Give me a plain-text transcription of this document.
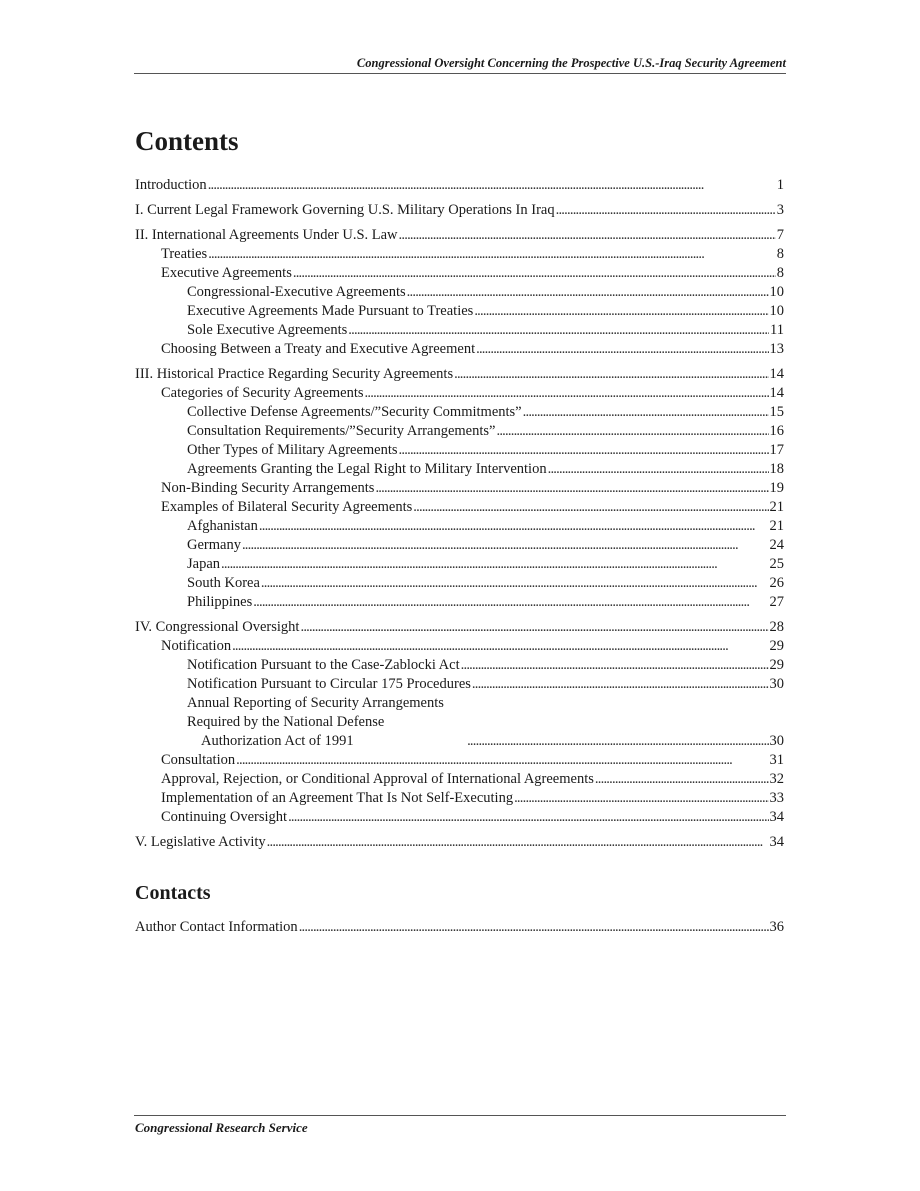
Congressional Oversight Concerning the Prospective U.S.-Iraq Security Agreement
Contents
Introduction . . .	1
I. Current Legal Framework Governing U.S. Military Operations In Iraq . . .	3
II. International Agreements Under U.S. Law . . .	7
Treaties . . .	8
Executive Agreements . . .	8
Congressional-Executive Agreements . . .	10
Executive Agreements Made Pursuant to Treaties . . .	10
Sole Executive Agreements . . .	11
Choosing Between a Treaty and Executive Agreement . . .	13
III. Historical Practice Regarding Security Agreements . . .	14
Categories of Security Agreements . . .	14
Collective Defense Agreements/”Security Commitments” . . .	15
Consultation Requirements/”Security Arrangements” . . .	16
Other Types of Military Agreements . . .	17
Agreements Granting the Legal Right to Military Intervention . . .	18
Non-Binding Security Arrangements . . .	19
Examples of Bilateral Security Agreements . . .	21
Afghanistan . . .	21
Germany . . .	24
Japan . . .	25
South Korea . . .	26
Philippines . . .	27
IV. Congressional Oversight . . .	28
Notification . . .	29
Notification Pursuant to the Case-Zablocki Act . . .	29
Notification Pursuant to Circular 175 Procedures . . .	30
Annual Reporting of Security Arrangements Required by the National Defense
Authorization Act of 1991 . . .	30
Consultation . . .	31
Approval, Rejection, or Conditional Approval of International Agreements . . .	32
Implementation of an Agreement That Is Not Self-Executing . . .	33
Continuing Oversight . . .	34
V. Legislative Activity . . .	34
Contacts
Author Contact Information . . .	36
Congressional Research Service
